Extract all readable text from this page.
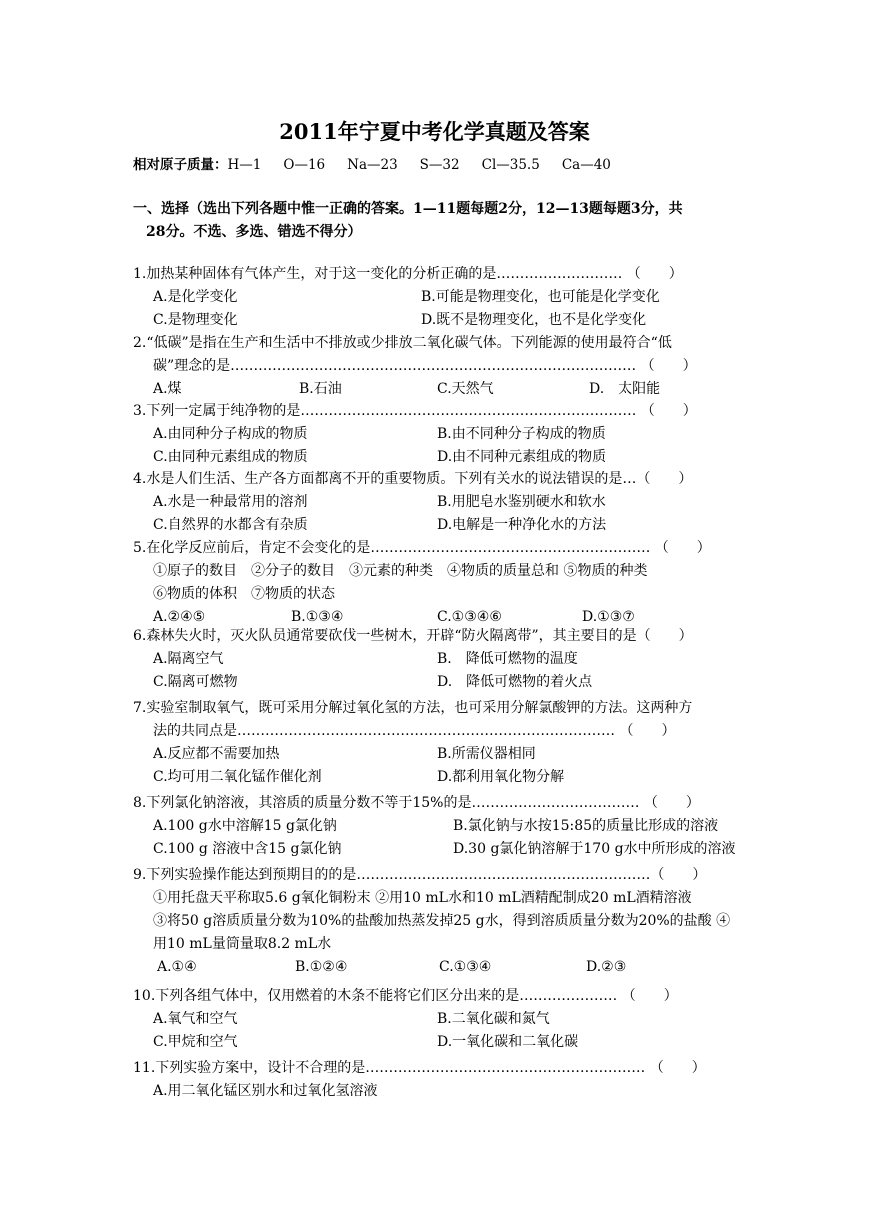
2011年宁夏中考化学真题及答案
相对原子质量：H—1 O—16 Na—23 S—32 Cl—35.5 Ca—40
一、选择（选出下列各题中惟一正确的答案。1—11题每题2分，12—13题每题3分，共
28分。不选、多选、错选不得分）
1.加热某种固体有气体产生，对于这一变化的分析正确的是……………………… （　　）
A.是化学变化	B.可能是物理变化，也可能是化学变化
C.是物理变化	D.既不是物理变化，也不是化学变化
2.“低碳”是指在生产和生活中不排放或少排放二氧化碳气体。下列能源的使用最符合“低
碳”理念的是…………………………………………………………………………… （　　）
A.煤	B.石油	C.天然气	D.　太阳能
3.下列一定属于纯净物的是……………………………………………………………… （　　）
A.由同种分子构成的物质	B.由不同种分子构成的物质
C.由同种元素组成的物质	D.由不同种元素组成的物质
4.水是人们生活、生产各方面都离不开的重要物质。下列有关水的说法错误的是…（　　）
A.水是一种最常用的溶剂	B.用肥皂水鉴别硬水和软水
C.自然界的水都含有杂质	D.电解是一种净化水的方法
5.在化学反应前后，肯定不会变化的是…………………………………………………… （　　）
①原子的数目　②分子的数目　③元素的种类　④物质的质量总和 ⑤物质的种类
⑥物质的体积　⑦物质的状态
A.②④⑤	B.①③④	C.①③④⑥	D.①③⑦
6.森林失火时，灭火队员通常要砍伐一些树木，开辟“防火隔离带”，其主要目的是（　　）
A.隔离空气	B.　降低可燃物的温度
C.隔离可燃物	D.　降低可燃物的着火点
7.实验室制取氧气，既可采用分解过氧化氢的方法，也可采用分解氯酸钾的方法。这两种方
法的共同点是……………………………………………………………………… （　　）
A.反应都不需要加热	B.所需仪器相同
C.均可用二氧化锰作催化剂	D.都利用氧化物分解
8.下列氯化钠溶液，其溶质的质量分数不等于15%的是……………………………… （　　）
A.100 g水中溶解15 g氯化钠	B.氯化钠与水按15:85的质量比形成的溶液
C.100 g 溶液中含15 g氯化钠	D.30 g氯化钠溶解于170 g水中所形成的溶液
9.下列实验操作能达到预期目的的是………………………………………………………（　　）
①用托盘天平称取5.6 g氧化铜粉末 ②用10 mL水和10 mL酒精配制成20 mL酒精溶液
③将50 g溶质质量分数为10%的盐酸加热蒸发掉25 g水，得到溶质质量分数为20%的盐酸 ④
用10 mL量筒量取8.2 mL水
A.①④	B.①②④	C.①③④	D.②③
10.下列各组气体中，仅用燃着的木条不能将它们区分出来的是………………… （　　）
A.氧气和空气	B.二氧化碳和氮气
C.甲烷和空气	D.一氧化碳和二氧化碳
11.下列实验方案中，设计不合理的是…………………………………………………… （　　）
A.用二氧化锰区别水和过氧化氢溶液
